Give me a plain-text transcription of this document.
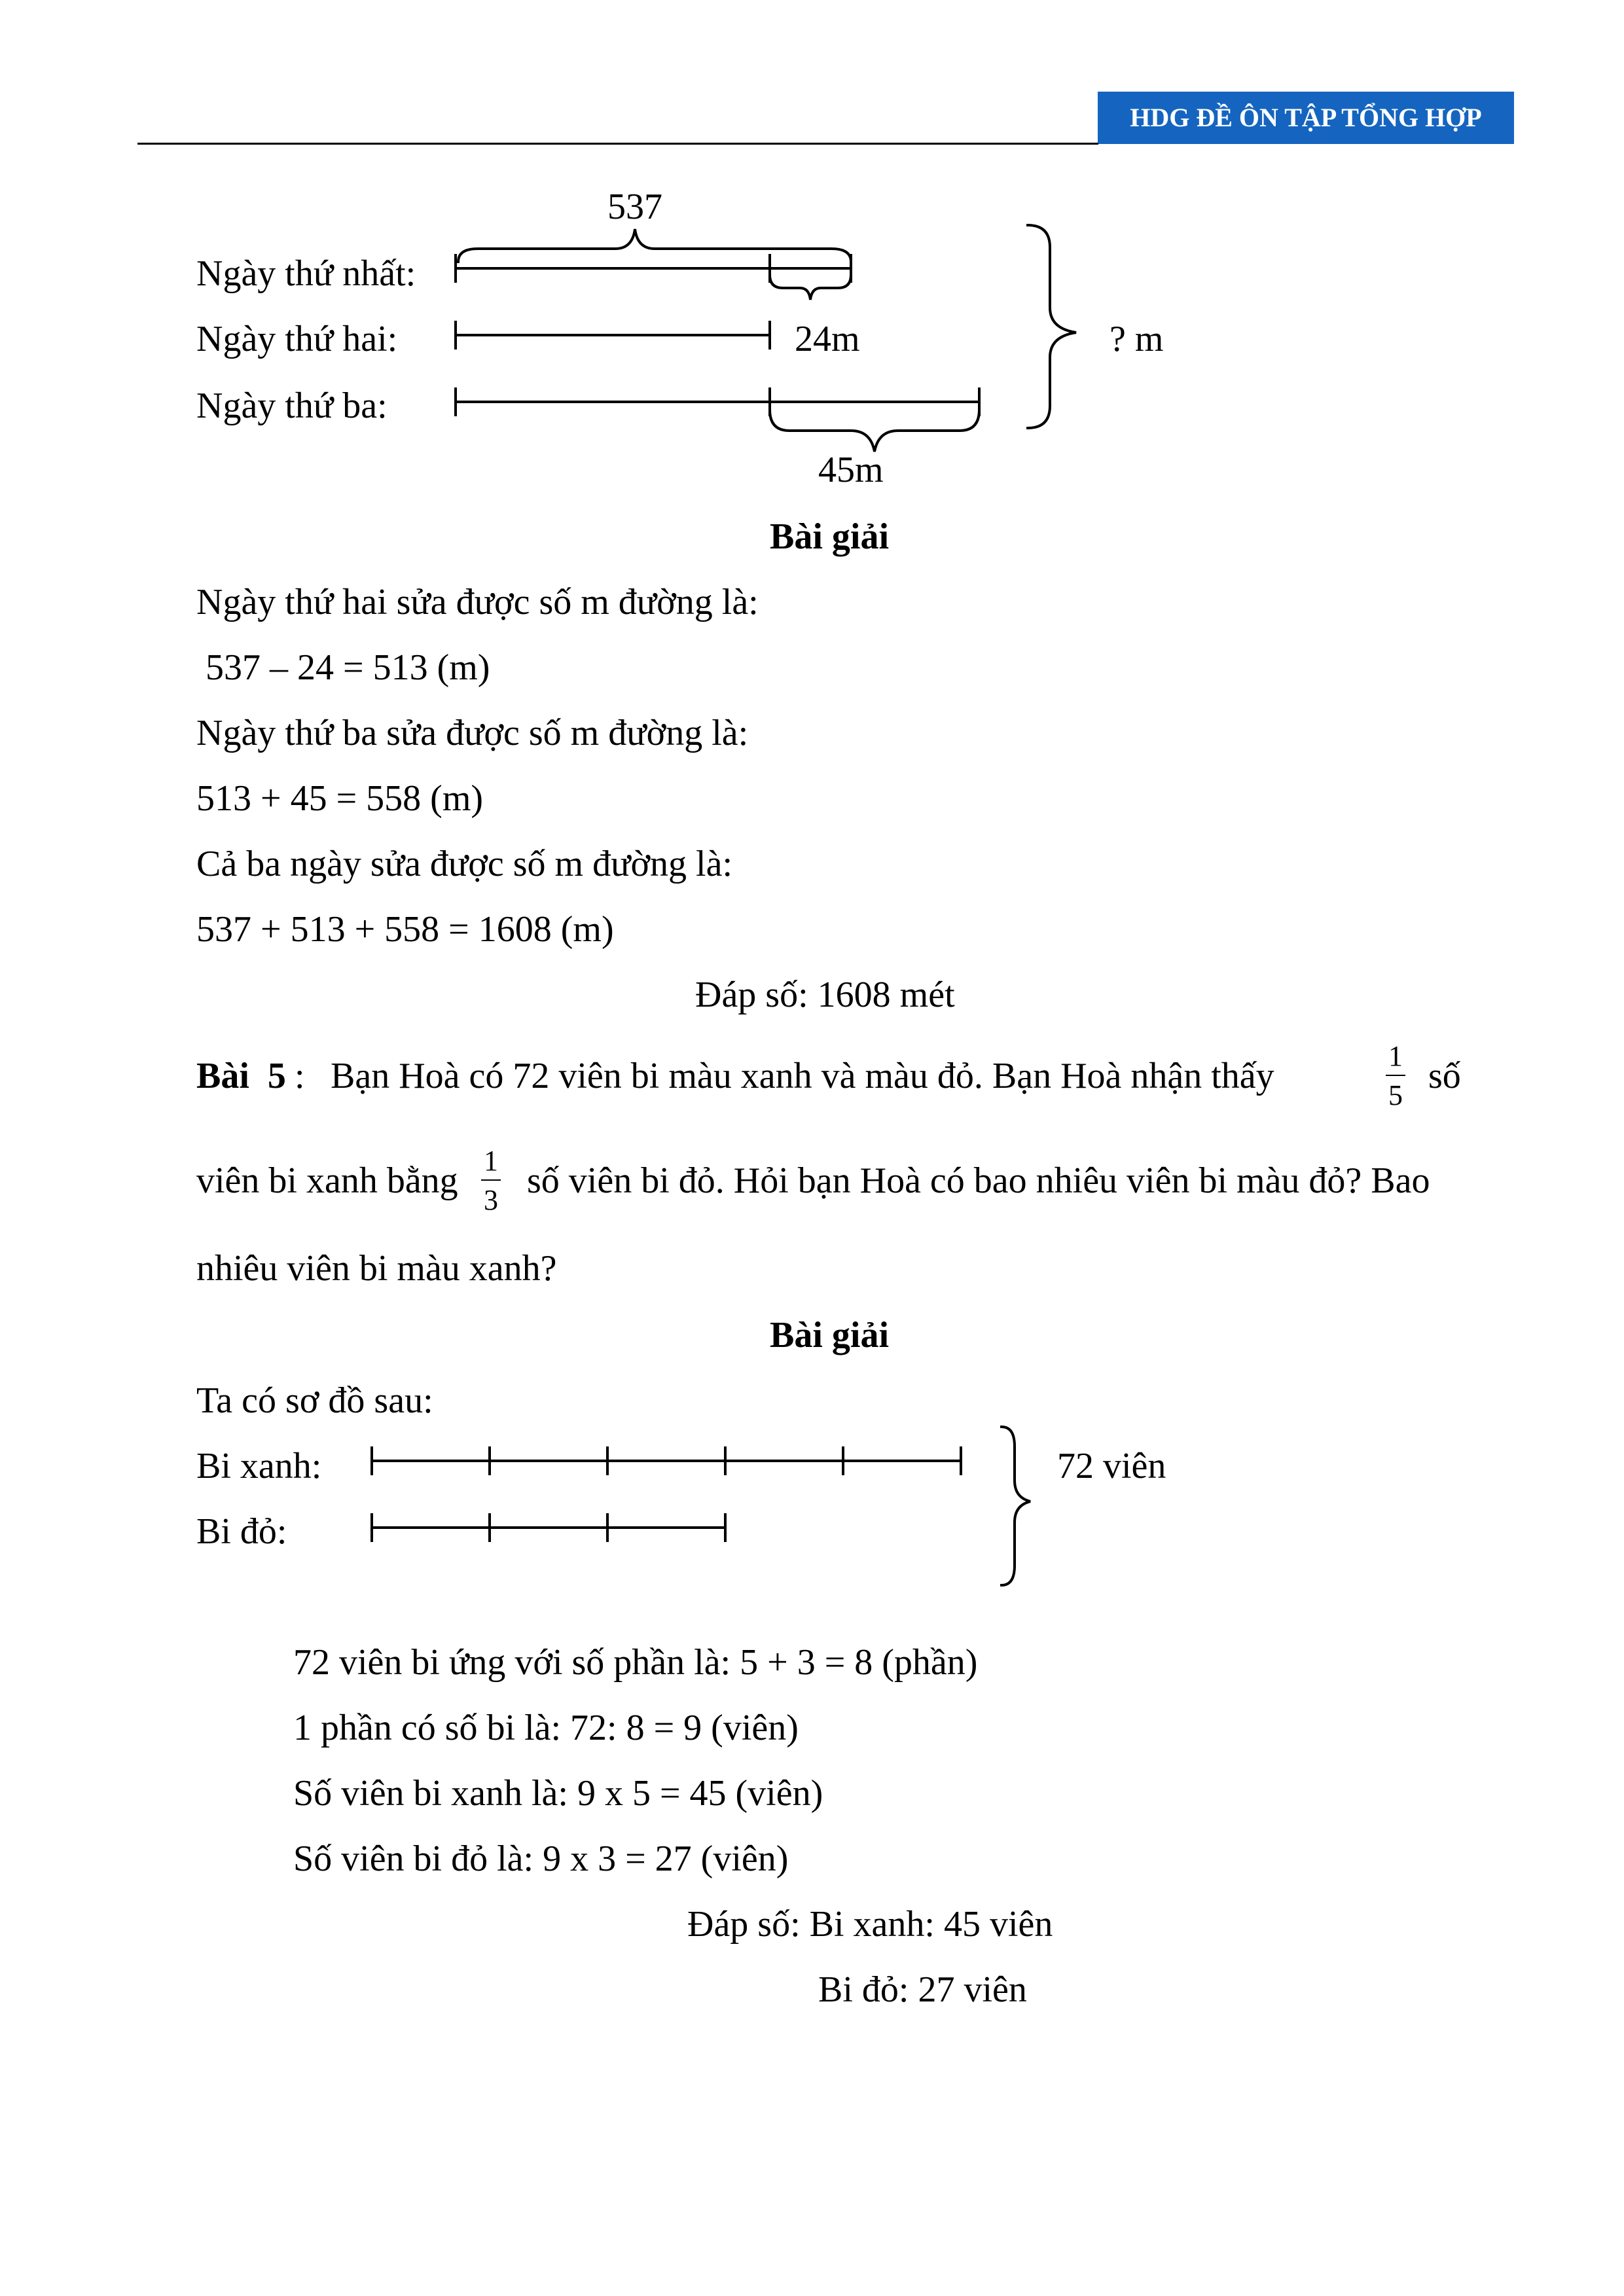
HDG ĐỀ ÔN TẬP TỔNG HỢP
Ngày thứ nhất:
Ngày thứ hai:
Ngày thứ ba:
537
24m
45m
? m
Bài giải
Ngày thứ hai sửa được số m đường là:
537 – 24 = 513 (m)
Ngày thứ ba sửa được số m đường là:
513 + 45 = 558 (m)
Cả ba ngày sửa được số m đường là:
537 + 513 + 558 = 1608 (m)
Đáp số: 1608 mét
Bài 5 : Bạn Hoà có 72 viên bi màu xanh và màu đỏ. Bạn Hoà nhận thấy	1
5 số
viên bi xanh bằng 1
3 số viên bi đỏ. Hỏi bạn Hoà có bao nhiêu viên bi màu đỏ? Bao
nhiêu viên bi màu xanh?
Bài giải
Ta có sơ đồ sau:
Bi xanh:
Bi đỏ:
72 viên
72 viên bi ứng với số phần là: 5 + 3 = 8 (phần)
1 phần có số bi là: 72: 8 = 9 (viên)
Số viên bi xanh là: 9 x 5 = 45 (viên)
Số viên bi đỏ là: 9 x 3 = 27 (viên)
Đáp số: Bi xanh: 45 viên
Bi đỏ: 27 viên
